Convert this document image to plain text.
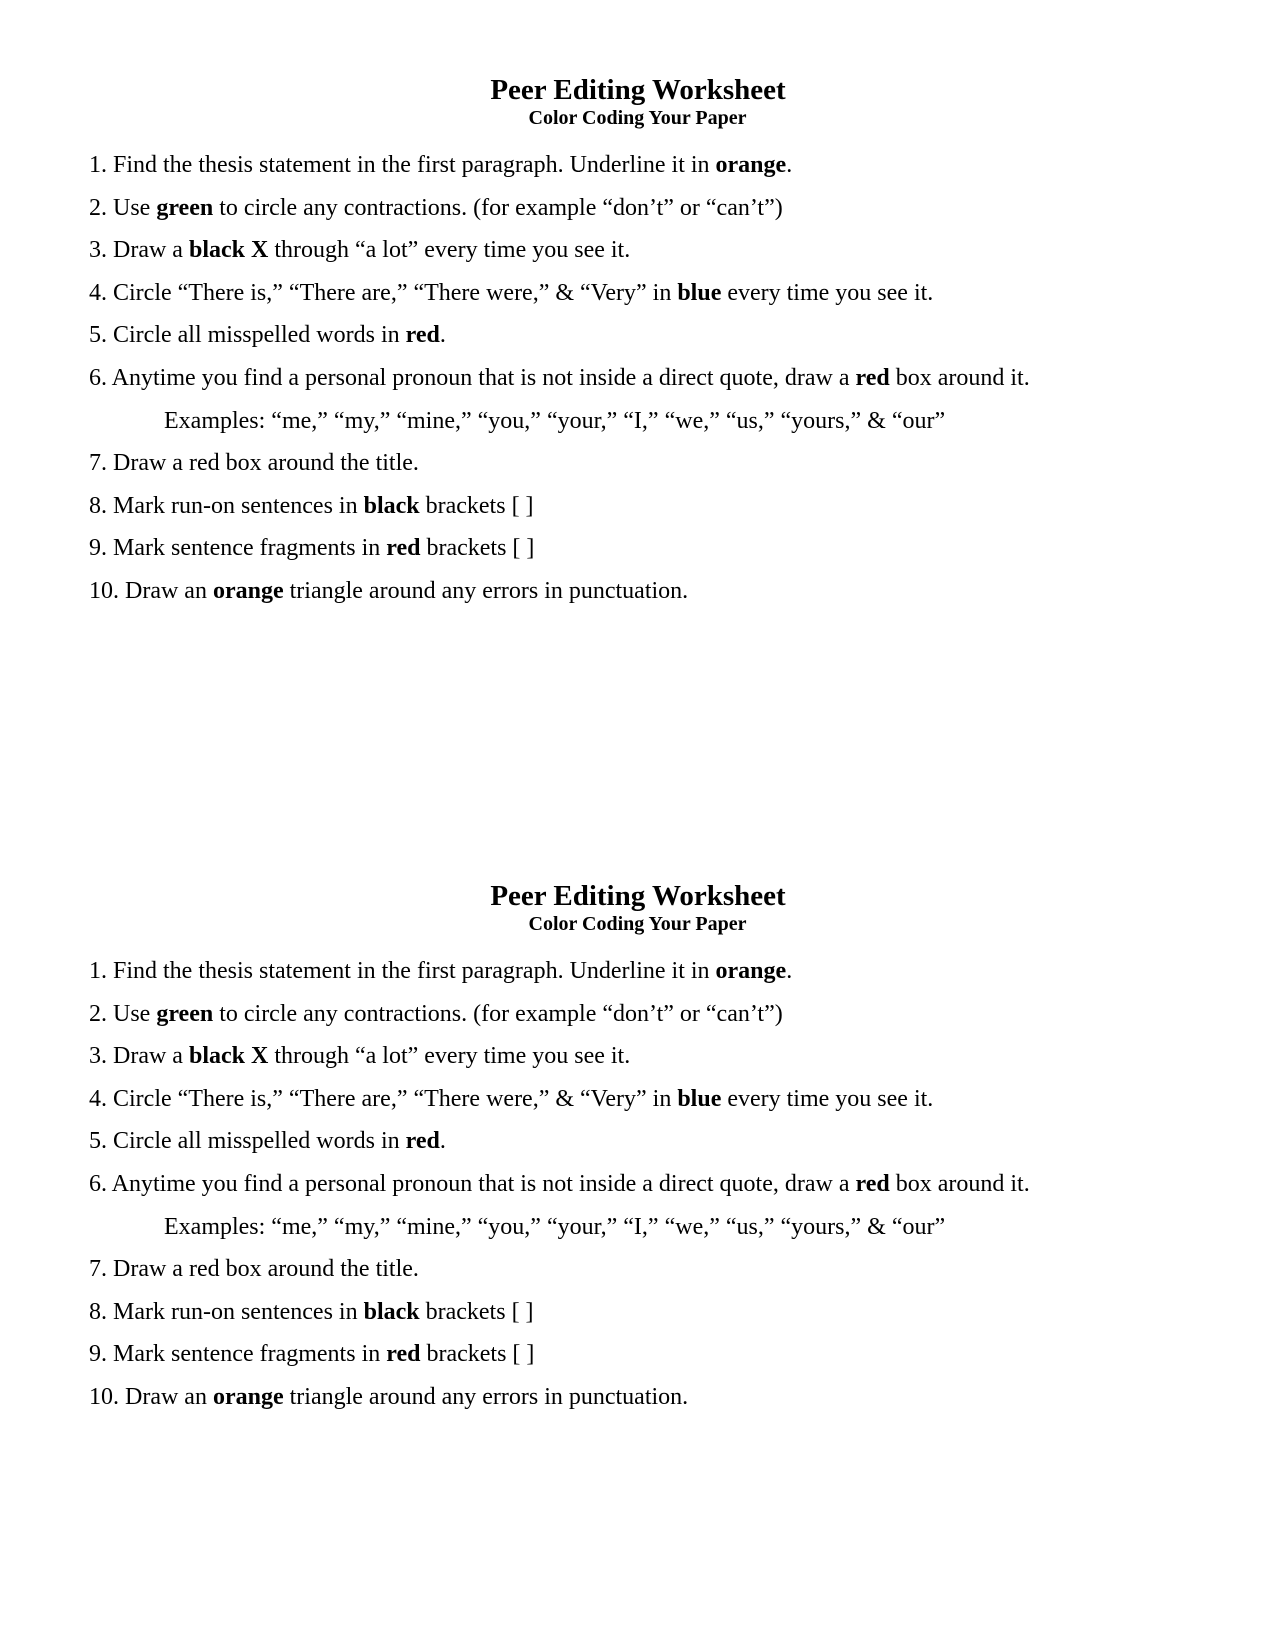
Peer Editing Worksheet
Color Coding Your Paper
1. Find the thesis statement in the first paragraph. Underline it in orange.
2. Use green to circle any contractions. (for example “don’t” or “can’t”)
3. Draw a black X through “a lot” every time you see it.
4. Circle “There is,” “There are,” “There were,” & “Very” in blue every time you see it.
5. Circle all misspelled words in red.
6. Anytime you find a personal pronoun that is not inside a direct quote, draw a red box around it.
Examples: “me,” “my,” “mine,” “you,” “your,” “I,” “we,” “us,” “yours,” & “our”
7. Draw a red box around the title.
8. Mark run-on sentences in black brackets [ ]
9. Mark sentence fragments in red brackets [ ]
10. Draw an orange triangle around any errors in punctuation.
Peer Editing Worksheet
Color Coding Your Paper
1. Find the thesis statement in the first paragraph. Underline it in orange.
2. Use green to circle any contractions. (for example “don’t” or “can’t”)
3. Draw a black X through “a lot” every time you see it.
4. Circle “There is,” “There are,” “There were,” & “Very” in blue every time you see it.
5. Circle all misspelled words in red.
6. Anytime you find a personal pronoun that is not inside a direct quote, draw a red box around it.
Examples: “me,” “my,” “mine,” “you,” “your,” “I,” “we,” “us,” “yours,” & “our”
7. Draw a red box around the title.
8. Mark run-on sentences in black brackets [ ]
9. Mark sentence fragments in red brackets [ ]
10. Draw an orange triangle around any errors in punctuation.
